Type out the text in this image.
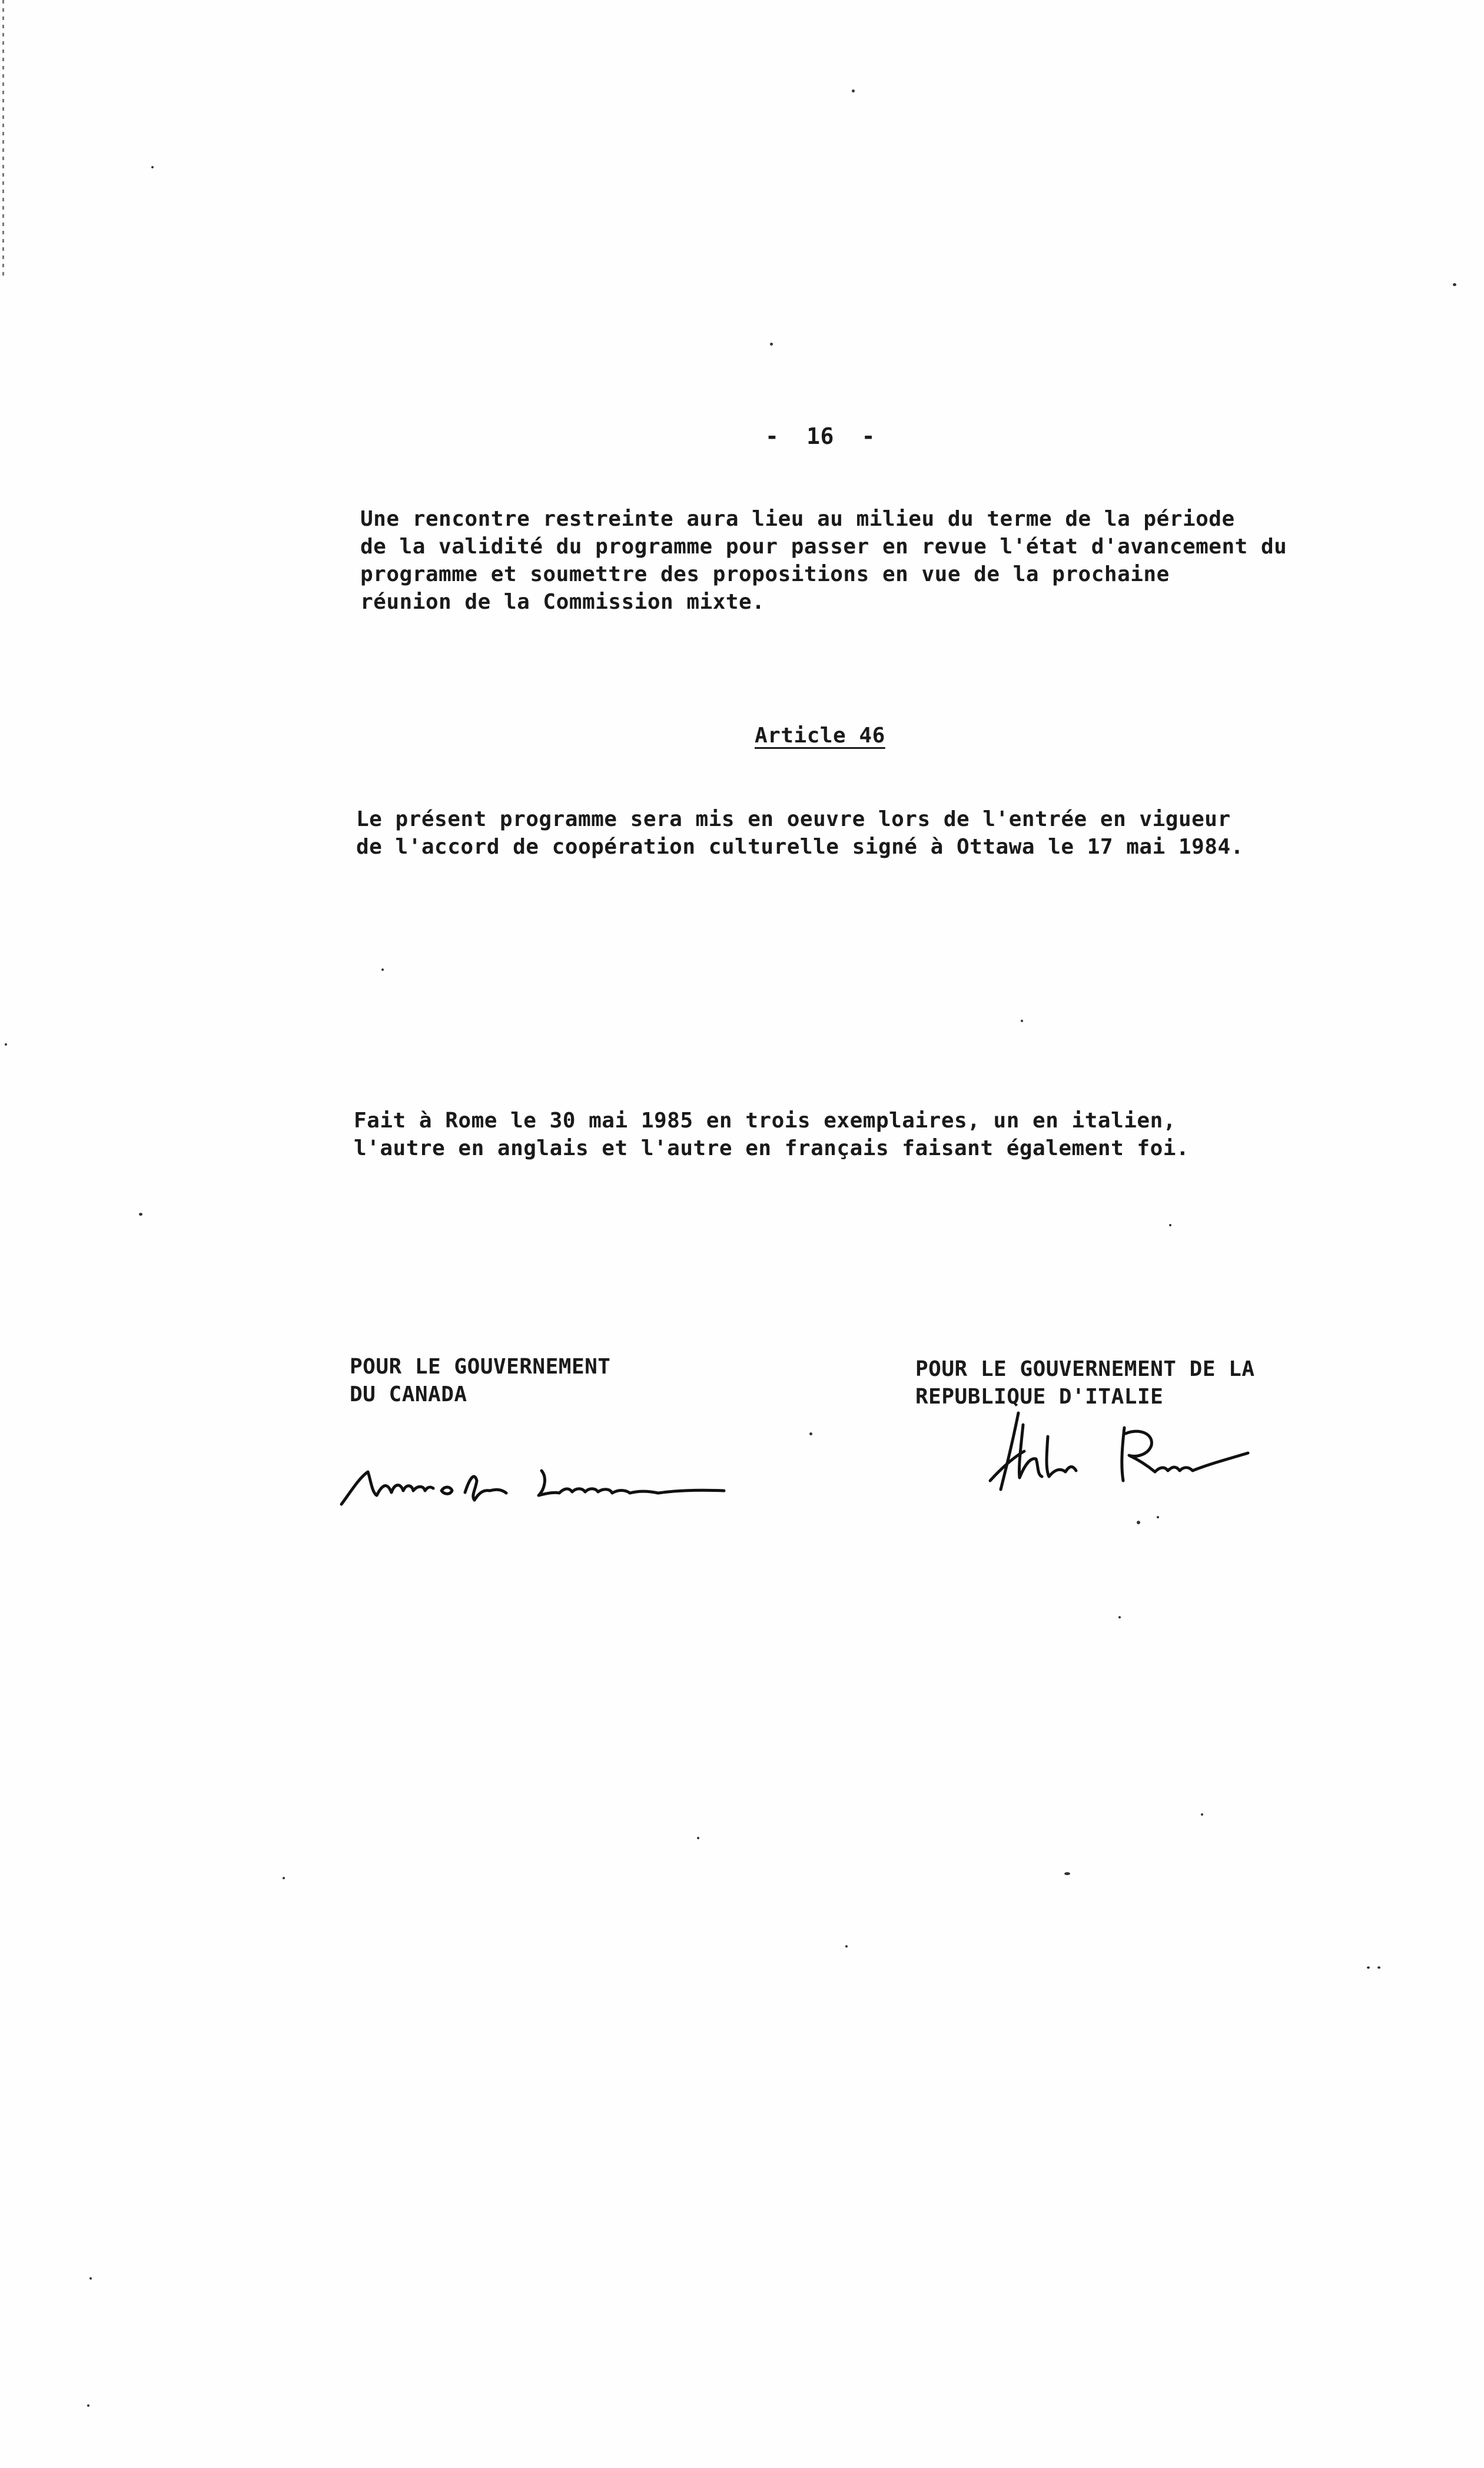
-  16  -
Une rencontre restreinte aura lieu au milieu du terme de la période
de la validité du programme pour passer en revue l'état d'avancement du
programme et soumettre des propositions en vue de la prochaine
réunion de la Commission mixte.
Article 46
Le présent programme sera mis en oeuvre lors de l'entrée en vigueur
de l'accord de coopération culturelle signé à Ottawa le 17 mai 1984.
Fait à Rome le 30 mai 1985 en trois exemplaires, un en italien,
l'autre en anglais et l'autre en français faisant également foi.
POUR LE GOUVERNEMENT
DU CANADA
POUR LE GOUVERNEMENT DE LA
REPUBLIQUE D'ITALIE
